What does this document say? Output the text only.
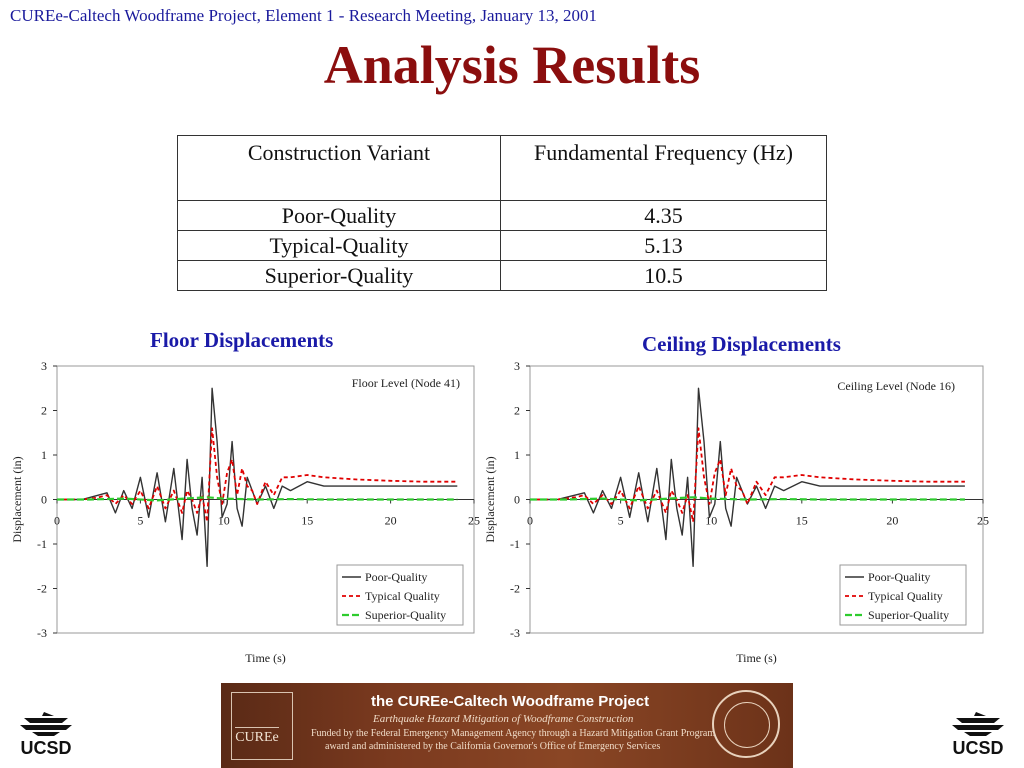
CUREe-Caltech Woodframe Project, Element 1 - Research Meeting, January 13, 2001
Analysis Results
Construction Variant	Fundamental Frequency (Hz)
Poor-Quality	4.35
Typical-Quality	5.13
Superior-Quality	10.5
Floor Displacements	Ceiling Displacements
-3
-2
-1
0
1
2
3
0	5	10	15	20	25
Time (s)
Displacement (in)
Floor Level (Node 41)
Poor-Quality
Typical Quality
Superior-Quality
-3
-2
-1
0
1
2
3
0	5	10	15	20	25
Time (s)
Displacement (in)
Ceiling Level (Node 16)
Poor-Quality
Typical Quality
Superior-Quality
CUREe
the CUREe-Caltech Woodframe Project
Earthquake Hazard Mitigation of Woodframe Construction
Funded by the Federal Emergency Management Agency through a Hazard Mitigation Grant Program
award and administered by the California Governor's Office of Emergency Services
UCSD	UCSD
